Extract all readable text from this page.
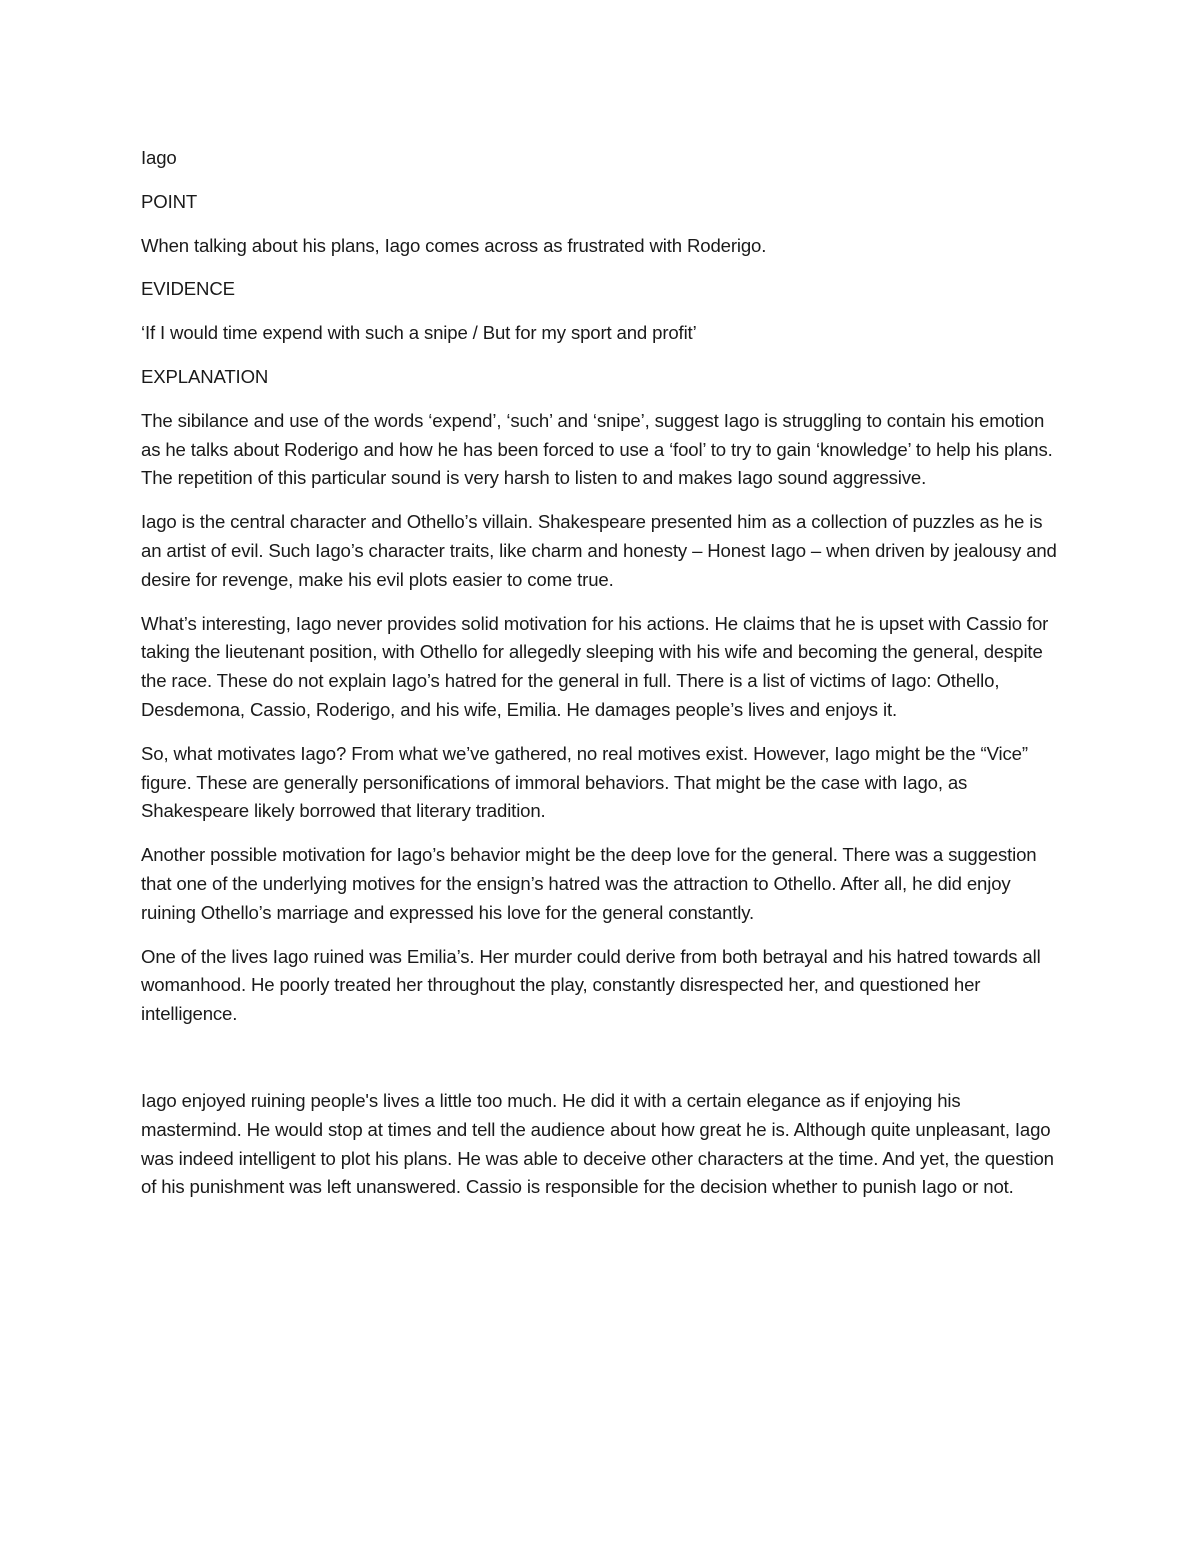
Iago

POINT

When talking about his plans, Iago comes across as frustrated with Roderigo.

EVIDENCE

‘If I would time expend with such a snipe / But for my sport and profit’

EXPLANATION

The sibilance and use of the words ‘expend’, ‘such’ and ‘snipe’, suggest Iago is struggling to contain his emotion as he talks about Roderigo and how he has been forced to use a ‘fool’ to try to gain ‘knowledge’ to help his plans. The repetition of this particular sound is very harsh to listen to and makes Iago sound aggressive.

Iago is the central character and Othello’s villain. Shakespeare presented him as a collection of puzzles as he is an artist of evil. Such Iago’s character traits, like charm and honesty – Honest Iago – when driven by jealousy and desire for revenge, make his evil plots easier to come true.

What’s interesting, Iago never provides solid motivation for his actions. He claims that he is upset with Cassio for taking the lieutenant position, with Othello for allegedly sleeping with his wife and becoming the general, despite the race. These do not explain Iago’s hatred for the general in full. There is a list of victims of Iago: Othello, Desdemona, Cassio, Roderigo, and his wife, Emilia. He damages people’s lives and enjoys it.

So, what motivates Iago? From what we’ve gathered, no real motives exist. However, Iago might be the “Vice” figure. These are generally personifications of immoral behaviors. That might be the case with Iago, as Shakespeare likely borrowed that literary tradition.

Another possible motivation for Iago’s behavior might be the deep love for the general. There was a suggestion that one of the underlying motives for the ensign’s hatred was the attraction to Othello. After all, he did enjoy ruining Othello’s marriage and expressed his love for the general constantly.

One of the lives Iago ruined was Emilia’s. Her murder could derive from both betrayal and his hatred towards all womanhood. He poorly treated her throughout the play, constantly disrespected her, and questioned her intelligence.

Iago enjoyed ruining people's lives a little too much. He did it with a certain elegance as if enjoying his mastermind. He would stop at times and tell the audience about how great he is. Although quite unpleasant, Iago was indeed intelligent to plot his plans. He was able to deceive other characters at the time. And yet, the question of his punishment was left unanswered. Cassio is responsible for the decision whether to punish Iago or not.
